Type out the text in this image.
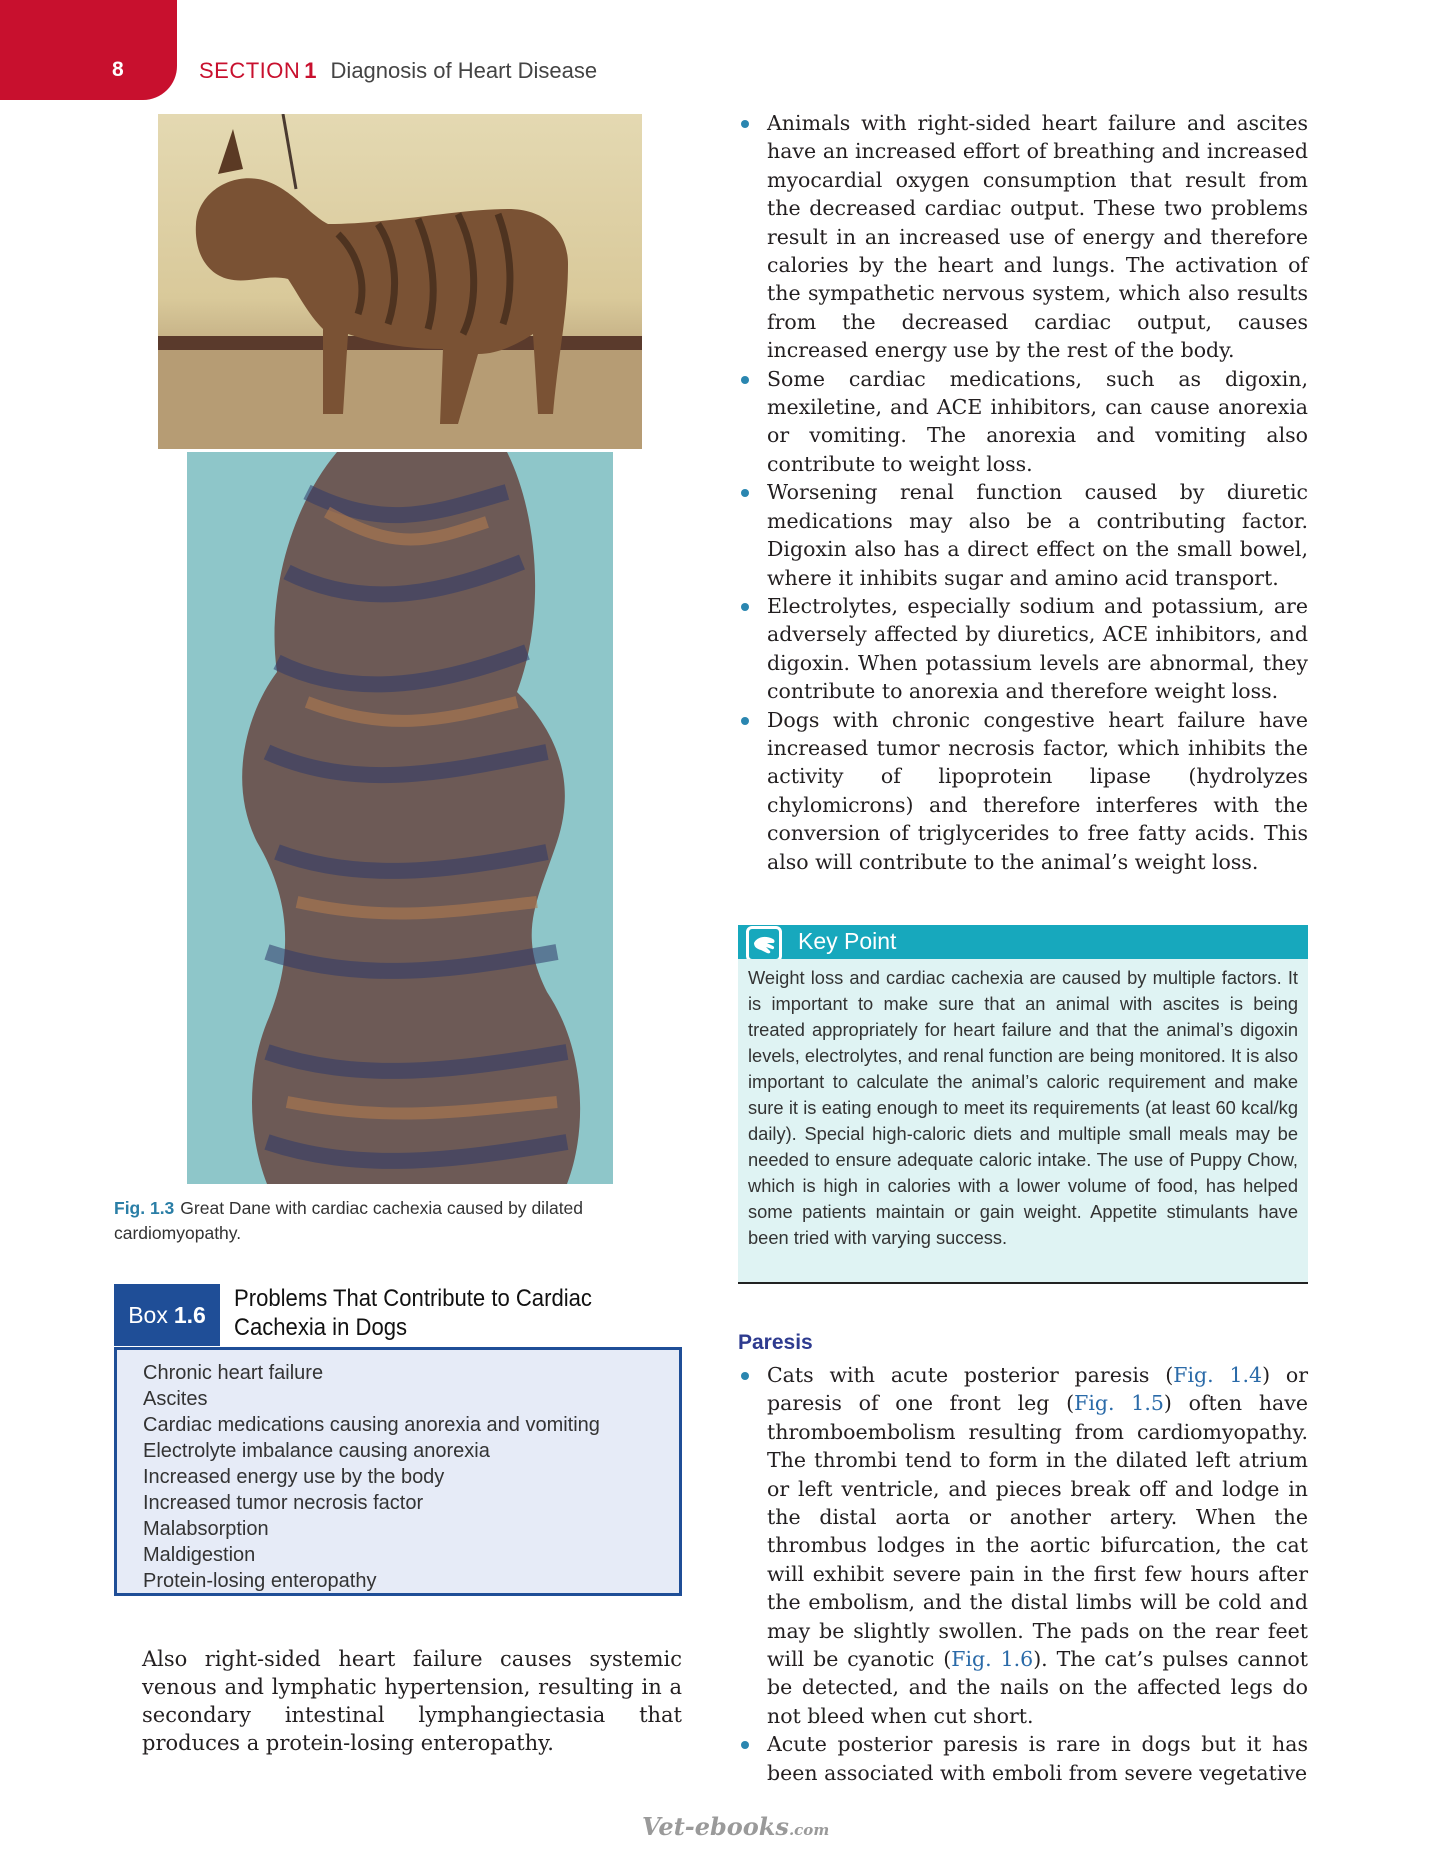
8	SECTION 1 Diagnosis of Heart Disease
Fig. 1.3 Great Dane with cardiac cachexia caused by dilated cardiomyopathy.
Box 1.6
Problems That Contribute to Cardiac Cachexia in Dogs
Chronic heart failure
Ascites
Cardiac medications causing anorexia and vomiting
Electrolyte imbalance causing anorexia
Increased energy use by the body
Increased tumor necrosis factor
Malabsorption
Maldigestion
Protein-losing enteropathy
Also right-sided heart failure causes systemic venous and lymphatic hypertension, resulting in a secondary intestinal lymphangiectasia that produces a protein-losing enteropathy.
Animals with right-sided heart failure and ascites have an increased effort of breathing and increased myocardial oxygen consumption that result from the decreased cardiac output. These two problems result in an increased use of energy and therefore calories by the heart and lungs. The activation of the sympathetic nervous system, which also results from the decreased cardiac output, causes increased energy use by the rest of the body.
Some cardiac medications, such as digoxin, mexiletine, and ACE inhibitors, can cause anorexia or vomiting. The anorexia and vomiting also contribute to weight loss.
Worsening renal function caused by diuretic medications may also be a contributing factor. Digoxin also has a direct effect on the small bowel, where it inhibits sugar and amino acid transport.
Electrolytes, especially sodium and potassium, are adversely affected by diuretics, ACE inhibitors, and digoxin. When potassium levels are abnormal, they contribute to anorexia and therefore weight loss.
Dogs with chronic congestive heart failure have increased tumor necrosis factor, which inhibits the activity of lipoprotein lipase (hydrolyzes chylomicrons) and therefore interferes with the conversion of triglycerides to free fatty acids. This also will contribute to the animal’s weight loss.
Key Point
Weight loss and cardiac cachexia are caused by multiple factors. It is important to make sure that an animal with ascites is being treated appropriately for heart failure and that the animal’s digoxin levels, electrolytes, and renal function are being monitored. It is also important to calculate the animal’s caloric requirement and make sure it is eating enough to meet its requirements (at least 60 kcal/kg daily). Special high-caloric diets and multiple small meals may be needed to ensure adequate caloric intake. The use of Puppy Chow, which is high in calories with a lower volume of food, has helped some patients maintain or gain weight. Appetite stimulants have been tried with varying success.
Paresis
Cats with acute posterior paresis (Fig. 1.4) or paresis of one front leg (Fig. 1.5) often have thromboembolism resulting from cardiomyopathy. The thrombi tend to form in the dilated left atrium or left ventricle, and pieces break off and lodge in the distal aorta or another artery. When the thrombus lodges in the aortic bifurcation, the cat will exhibit severe pain in the first few hours after the embolism, and the distal limbs will be cold and may be slightly swollen. The pads on the rear feet will be cyanotic (Fig. 1.6). The cat’s pulses cannot be detected, and the nails on the affected legs do not bleed when cut short.
Acute posterior paresis is rare in dogs but it has been associated with emboli from severe vegetative
Vet-ebooks.com
